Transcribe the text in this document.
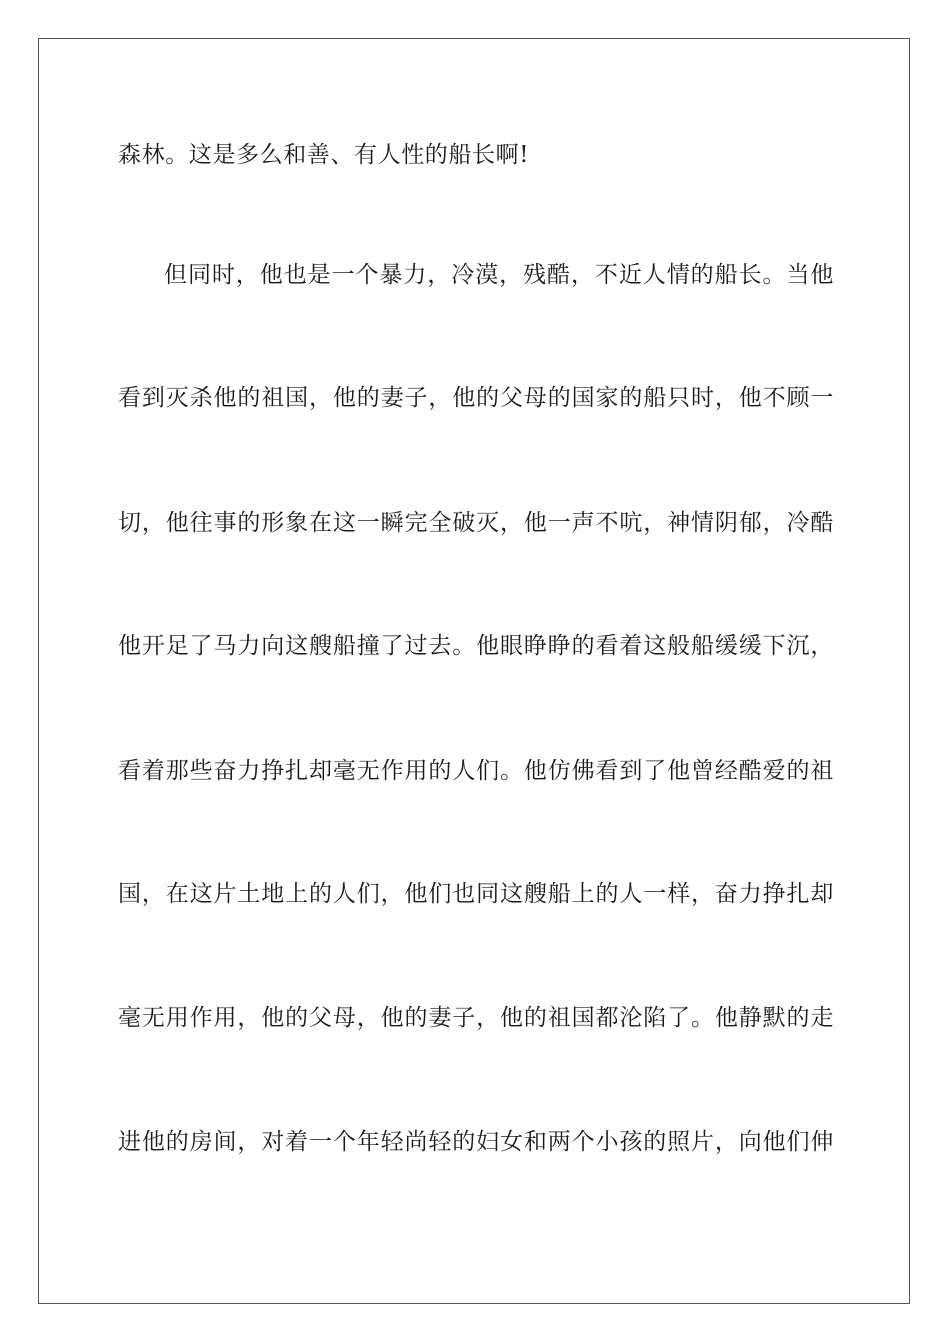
森林。这是多么和善、有人性的船长啊!

但同时，他也是一个暴力，冷漠，残酷，不近人情的船长。当他

看到灭杀他的祖国，他的妻子，他的父母的国家的船只时，他不顾一

切，他往事的形象在这一瞬完全破灭，他一声不吭，神情阴郁，冷酷

他开足了马力向这艘船撞了过去。他眼睁睁的看着这般船缓缓下沉，

看着那些奋力挣扎却毫无作用的人们。他仿佛看到了他曾经酷爱的祖

国，在这片土地上的人们，他们也同这艘船上的人一样，奋力挣扎却

毫无用作用，他的父母，他的妻子，他的祖国都沦陷了。他静默的走

进他的房间，对着一个年轻尚轻的妇女和两个小孩的照片，向他们伸
